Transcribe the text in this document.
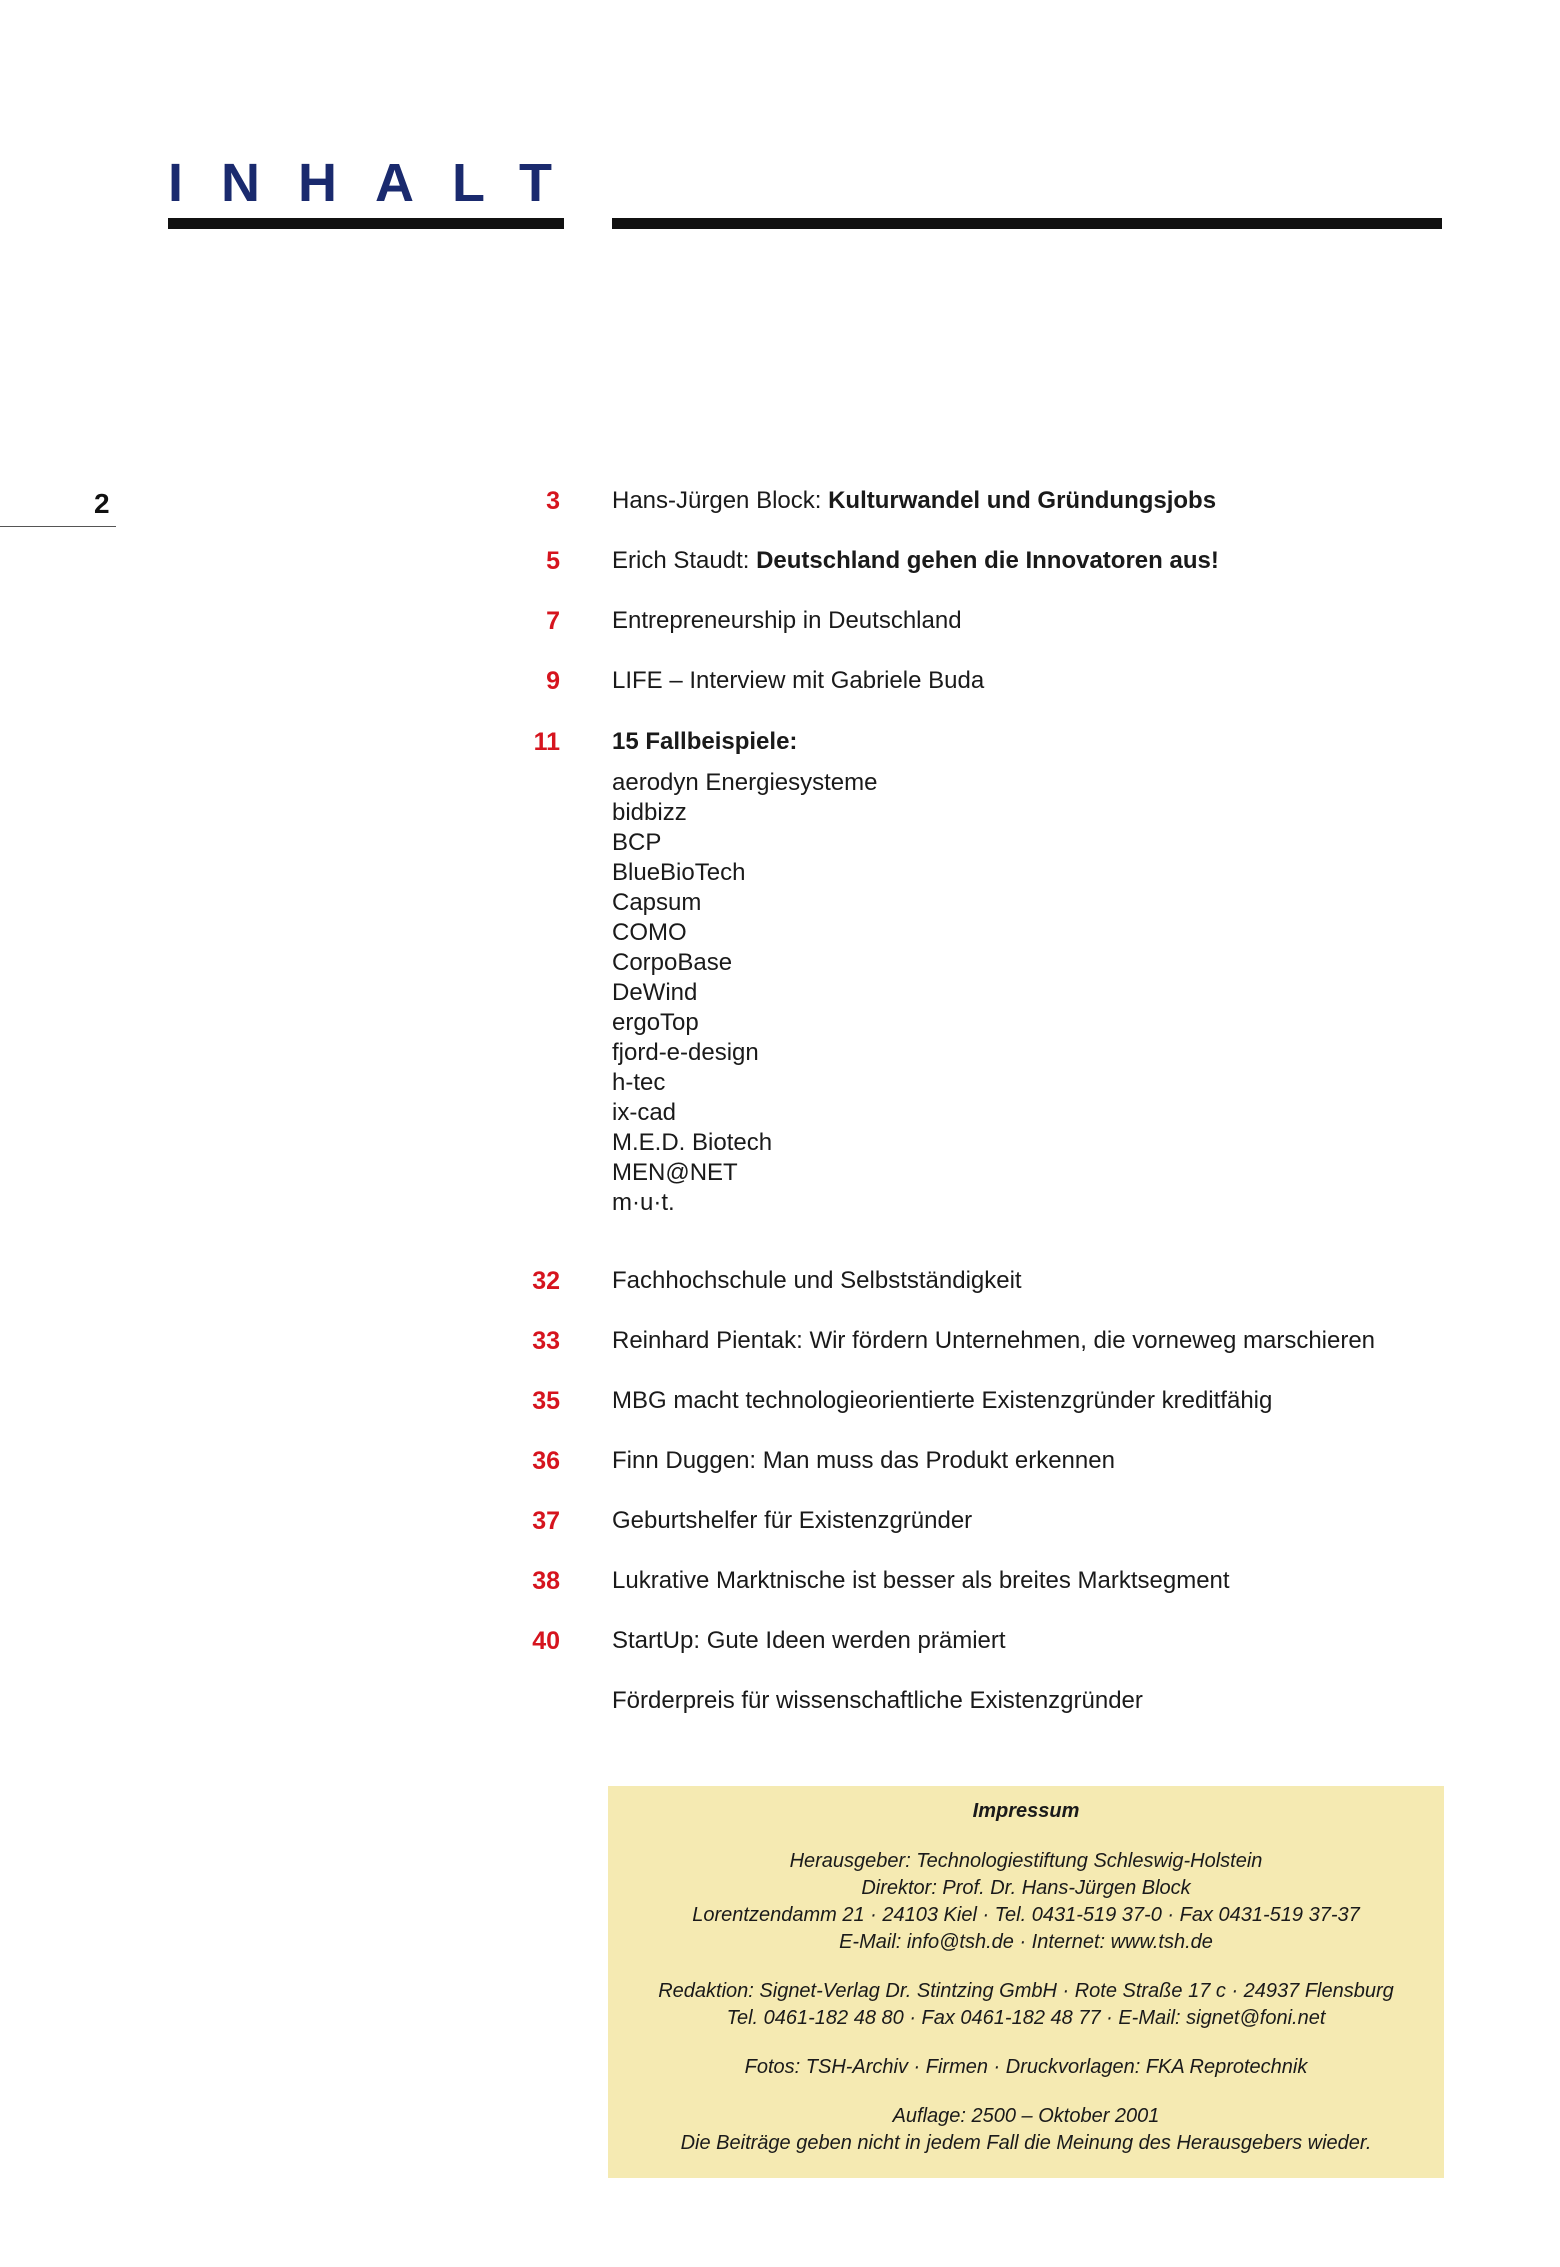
INHALT
2	3 Hans-Jürgen Block: Kulturwandel und Gründungsjobs
5 Erich Staudt: Deutschland gehen die Innovatoren aus!
7 Entrepreneurship in Deutschland
9 LIFE – Interview mit Gabriele Buda
11 15 Fallbeispiele:
aerodyn Energiesysteme
bidbizz
BCP
BlueBioTech
Capsum
COMO
CorpoBase
DeWind
ergoTop
fjord-e-design
h-tec
ix-cad
M.E.D. Biotech
MEN@NET
m·u·t.
32 Fachhochschule und Selbstständigkeit
33 Reinhard Pientak: Wir fördern Unternehmen, die vorneweg marschieren
35 MBG macht technologieorientierte Existenzgründer kreditfähig
36 Finn Duggen: Man muss das Produkt erkennen
37 Geburtshelfer für Existenzgründer
38 Lukrative Marktnische ist besser als breites Marktsegment
40 StartUp: Gute Ideen werden prämiert
Förderpreis für wissenschaftliche Existenzgründer
Impressum
Herausgeber: Technologiestiftung Schleswig-Holstein
Direktor: Prof. Dr. Hans-Jürgen Block
Lorentzendamm 21 · 24103 Kiel · Tel. 0431-519 37-0 · Fax 0431-519 37-37
E-Mail: info@tsh.de · Internet: www.tsh.de
Redaktion: Signet-Verlag Dr. Stintzing GmbH · Rote Straße 17 c · 24937 Flensburg
Tel. 0461-182 48 80 · Fax 0461-182 48 77 · E-Mail: signet@foni.net
Fotos: TSH-Archiv · Firmen · Druckvorlagen: FKA Reprotechnik
Auflage: 2500 – Oktober 2001
Die Beiträge geben nicht in jedem Fall die Meinung des Herausgebers wieder.
